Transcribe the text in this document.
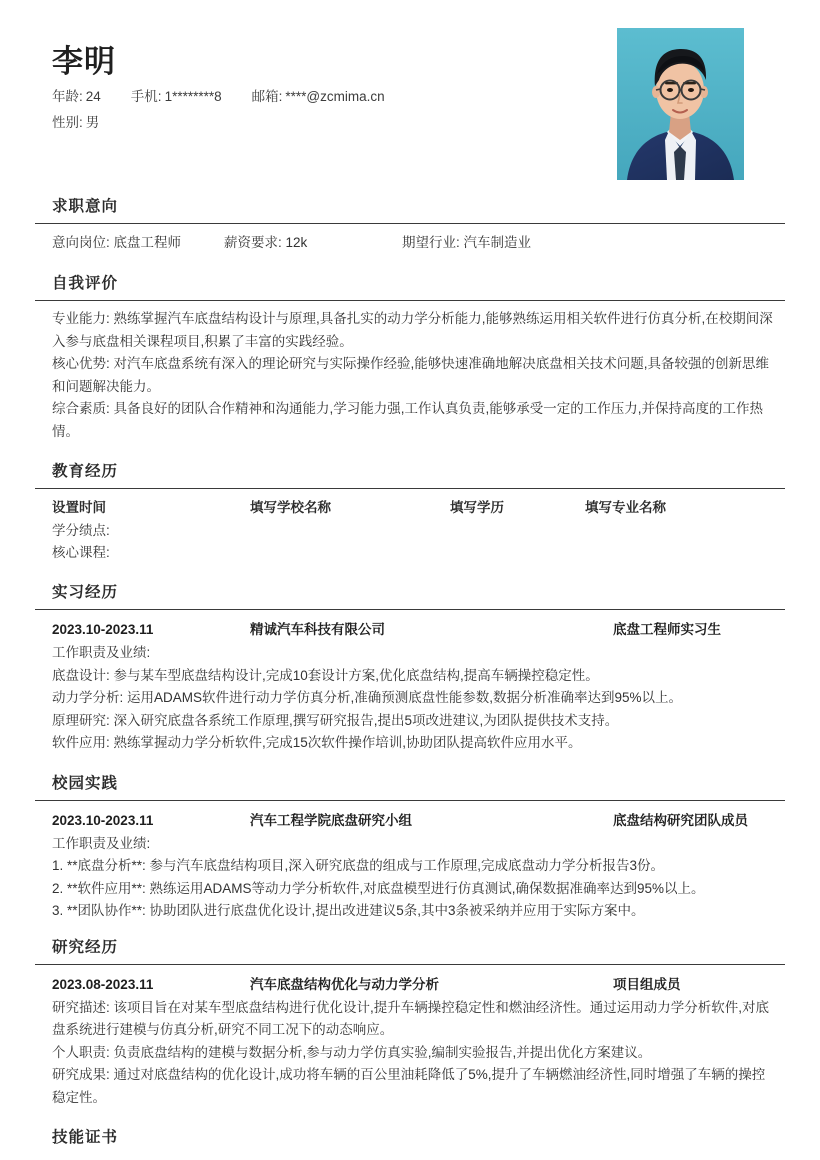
李明
年龄: 24 手机: 1********8 邮箱: ****@zcmima.cn
性别: 男
求职意向
意向岗位: 底盘工程师	薪资要求: 12k	期望行业: 汽车制造业
自我评价
专业能力: 熟练掌握汽车底盘结构设计与原理,具备扎实的动力学分析能力,能够熟练运用相关软件进行仿真分析,在校期间深入参与底盘相关课程项目,积累了丰富的实践经验。
核心优势: 对汽车底盘系统有深入的理论研究与实际操作经验,能够快速准确地解决底盘相关技术问题,具备较强的创新思维和问题解决能力。
综合素质: 具备良好的团队合作精神和沟通能力,学习能力强,工作认真负责,能够承受一定的工作压力,并保持高度的工作热情。
教育经历
设置时间	填写学校名称	填写学历	填写专业名称
学分绩点:
核心课程:
实习经历
2023.10-2023.11	精诚汽车科技有限公司	底盘工程师实习生
工作职责及业绩:
底盘设计: 参与某车型底盘结构设计,完成10套设计方案,优化底盘结构,提高车辆操控稳定性。
动力学分析: 运用ADAMS软件进行动力学仿真分析,准确预测底盘性能参数,数据分析准确率达到95%以上。
原理研究: 深入研究底盘各系统工作原理,撰写研究报告,提出5项改进建议,为团队提供技术支持。
软件应用: 熟练掌握动力学分析软件,完成15次软件操作培训,协助团队提高软件应用水平。
校园实践
2023.10-2023.11	汽车工程学院底盘研究小组	底盘结构研究团队成员
工作职责及业绩:
1. **底盘分析**: 参与汽车底盘结构项目,深入研究底盘的组成与工作原理,完成底盘动力学分析报告3份。
2. **软件应用**: 熟练运用ADAMS等动力学分析软件,对底盘模型进行仿真测试,确保数据准确率达到95%以上。
3. **团队协作**: 协助团队进行底盘优化设计,提出改进建议5条,其中3条被采纳并应用于实际方案中。
研究经历
2023.08-2023.11	汽车底盘结构优化与动力学分析	项目组成员
研究描述: 该项目旨在对某车型底盘结构进行优化设计,提升车辆操控稳定性和燃油经济性。通过运用动力学分析软件,对底盘系统进行建模与仿真分析,研究不同工况下的动态响应。
个人职责: 负责底盘结构的建模与数据分析,参与动力学仿真实验,编制实验报告,并提出优化方案建议。
研究成果: 通过对底盘结构的优化设计,成功将车辆的百公里油耗降低了5%,提升了车辆燃油经济性,同时增强了车辆的操控稳定性。
技能证书
